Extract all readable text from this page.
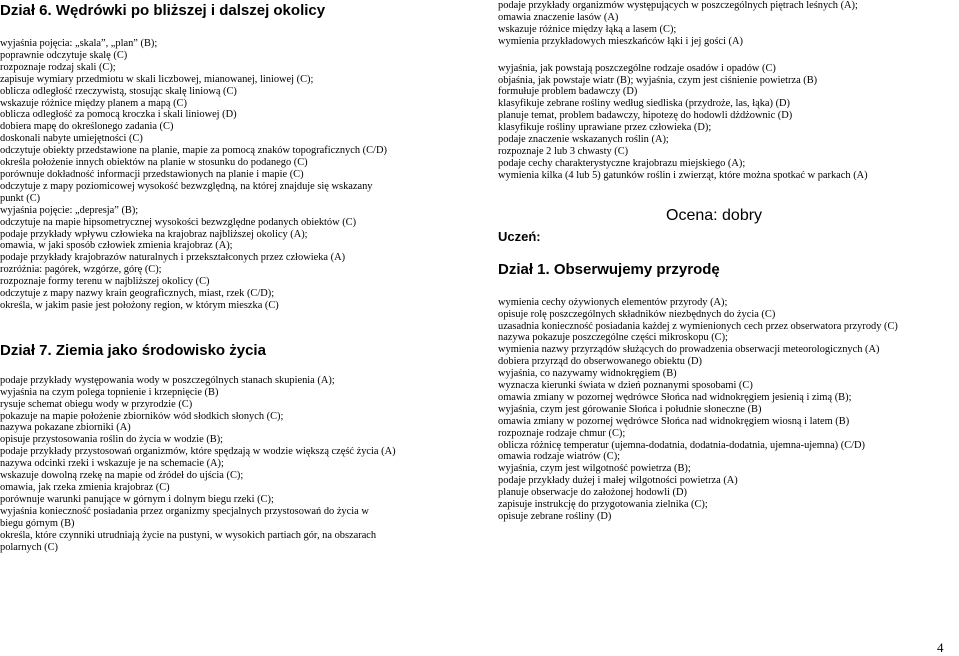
Dział 6. Wędrówki po bliższej i dalszej okolicy
wyjaśnia pojęcia: „skala”, „plan” (B);
poprawnie odczytuje skalę (C)
rozpoznaje rodzaj skali (C);
zapisuje wymiary przedmiotu w skali liczbowej, mianowanej, liniowej (C);
oblicza odległość rzeczywistą, stosując skalę liniową (C)
wskazuje różnice między planem a mapą (C)
oblicza odległość za pomocą kroczka i skali liniowej (D)
dobiera mapę do określonego zadania (C)
doskonali nabyte umiejętności (C)
odczytuje obiekty przedstawione na planie, mapie za pomocą znaków topograficznych (C/D)
określa położenie innych obiektów na planie w stosunku do podanego (C)
porównuje dokładność informacji przedstawionych na planie i mapie (C)
odczytuje z mapy poziomicowej wysokość bezwzględną, na której znajduje się wskazany
punkt (C)
wyjaśnia pojęcie: „depresja” (B);
odczytuje na mapie hipsometrycznej wysokości bezwzględne podanych obiektów (C)
podaje przykłady wpływu człowieka na krajobraz najbliższej okolicy (A);
omawia, w jaki sposób człowiek zmienia krajobraz (A);
podaje przykłady krajobrazów naturalnych i przekształconych przez człowieka (A)
rozróżnia: pagórek, wzgórze, górę (C);
rozpoznaje formy terenu w najbliższej okolicy (C)
odczytuje z mapy nazwy krain geograficznych, miast, rzek (C/D);
określa, w jakim pasie jest położony region, w którym mieszka (C)
Dział 7. Ziemia jako środowisko życia
podaje przykłady występowania wody w poszczególnych stanach skupienia (A);
wyjaśnia na czym polega topnienie i krzepnięcie (B)
rysuje schemat obiegu wody w przyrodzie (C)
pokazuje na mapie położenie zbiorników wód słodkich słonych (C);
nazywa pokazane zbiorniki (A)
opisuje przystosowania roślin do życia w wodzie (B);
podaje przykłady przystosowań organizmów, które spędzają w wodzie większą część życia (A)
nazywa odcinki rzeki i wskazuje je na schemacie (A);
wskazuje dowolną rzekę na mapie od źródeł do ujścia (C);
omawia, jak rzeka zmienia krajobraz (C)
porównuje warunki panujące w górnym i dolnym biegu rzeki (C);
wyjaśnia konieczność posiadania przez organizmy specjalnych przystosowań do życia w
biegu górnym (B)
określa, które czynniki utrudniają życie na pustyni, w wysokich partiach gór, na obszarach
polarnych (C)
podaje przykłady organizmów występujących w poszczególnych piętrach leśnych (A);
omawia znaczenie lasów (A)
wskazuje różnice między łąką a lasem (C);
wymienia przykładowych mieszkańców łąki i jej gości (A)
wyjaśnia, jak powstają poszczególne rodzaje osadów i opadów (C)
objaśnia, jak powstaje wiatr (B); wyjaśnia, czym jest ciśnienie powietrza (B)
formułuje problem badawczy (D)
klasyfikuje zebrane rośliny według siedliska (przydroże, las, łąka) (D)
planuje temat, problem badawczy, hipotezę do hodowli dżdżownic (D)
klasyfikuje rośliny uprawiane przez człowieka (D);
podaje znaczenie wskazanych roślin (A);
rozpoznaje 2 lub 3 chwasty (C)
podaje cechy charakterystyczne krajobrazu miejskiego (A);
wymienia kilka (4 lub 5) gatunków roślin i zwierząt, które można spotkać w parkach (A)
Ocena: dobry
Uczeń:
Dział 1. Obserwujemy przyrodę
wymienia cechy ożywionych elementów przyrody (A);
opisuje rolę poszczególnych składników niezbędnych do życia (C)
uzasadnia konieczność posiadania każdej z wymienionych cech przez obserwatora przyrody (C)
nazywa pokazuje poszczególne części mikroskopu (C);
wymienia nazwy przyrządów służących do prowadzenia obserwacji meteorologicznych (A)
dobiera przyrząd do obserwowanego obiektu (D)
wyjaśnia, co nazywamy widnokręgiem (B)
wyznacza kierunki świata w dzień poznanymi sposobami (C)
omawia zmiany w pozornej wędrówce Słońca nad widnokręgiem jesienią i zimą (B);
wyjaśnia, czym jest górowanie Słońca i południe słoneczne (B)
omawia zmiany w pozornej wędrówce Słońca nad widnokręgiem wiosną i latem (B)
rozpoznaje rodzaje chmur (C);
oblicza różnicę temperatur (ujemna-dodatnia, dodatnia-dodatnia, ujemna-ujemna) (C/D)
omawia rodzaje wiatrów (C);
wyjaśnia, czym jest wilgotność powietrza (B);
podaje przykłady dużej i małej wilgotności powietrza (A)
planuje obserwacje do założonej hodowli (D)
zapisuje instrukcję do przygotowania zielnika (C);
opisuje zebrane rośliny (D)
4
